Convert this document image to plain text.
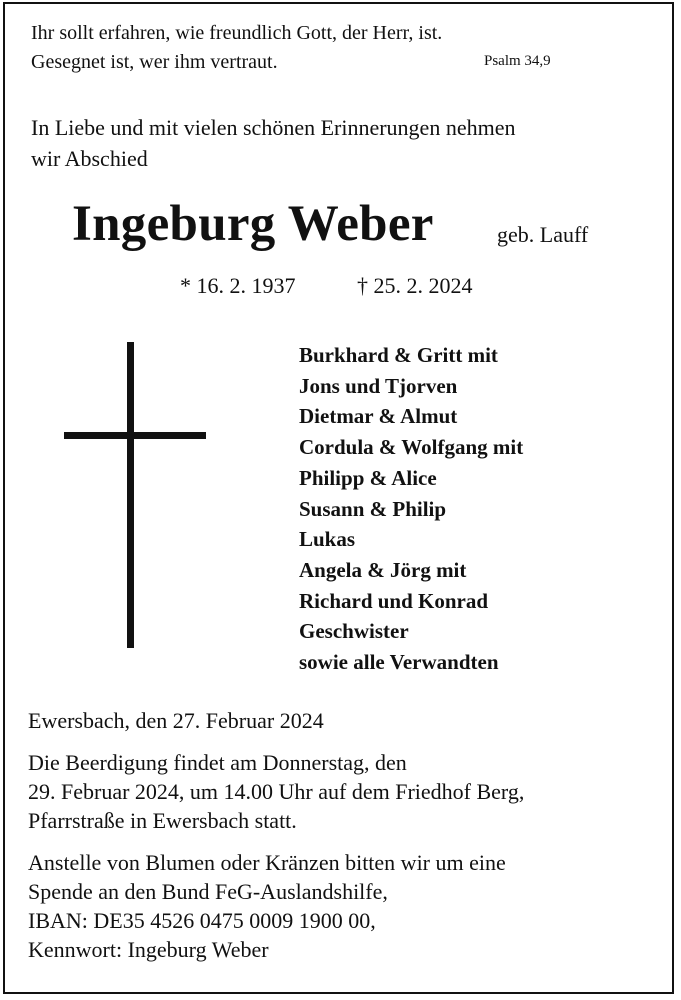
Ihr sollt erfahren, wie freundlich Gott, der Herr, ist.
Gesegnet ist, wer ihm vertraut.	Psalm 34,9
In Liebe und mit vielen schönen Erinnerungen nehmen
wir Abschied
Ingeburg Weber	geb. Lauff
* 16. 2. 1937	† 25. 2. 2024
Burkhard & Gritt mit
Jons und Tjorven
Dietmar & Almut
Cordula & Wolfgang mit
Philipp & Alice
Susann & Philip
Lukas
Angela & Jörg mit
Richard und Konrad
Geschwister
sowie alle Verwandten
Ewersbach, den 27. Februar 2024
Die Beerdigung findet am Donnerstag, den
29. Februar 2024, um 14.00 Uhr auf dem Friedhof Berg,
Pfarrstraße in Ewersbach statt.
Anstelle von Blumen oder Kränzen bitten wir um eine
Spende an den Bund FeG-Auslandshilfe,
IBAN: DE35 4526 0475 0009 1900 00,
Kennwort: Ingeburg Weber
